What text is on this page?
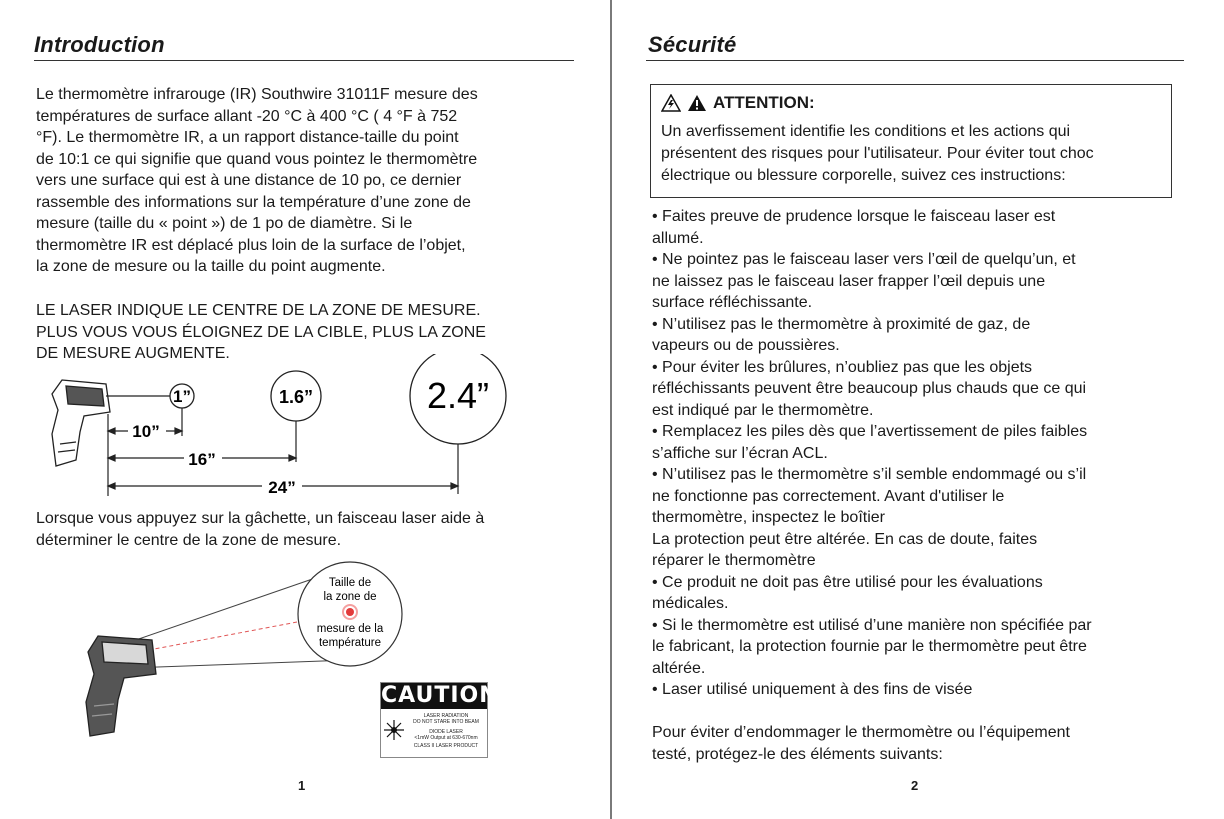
Introduction
Le thermomètre infrarouge (IR) Southwire 31011F mesure des
températures de surface allant -20 °C à 400 °C ( 4 °F à 752
°F). Le thermomètre IR, a un rapport distance-taille du point
de 10:1 ce qui signifie que quand vous pointez le thermomètre
vers une surface qui est à une distance de 10 po, ce dernier
rassemble des informations sur la température d’une zone de
mesure (taille du « point ») de 1 po de diamètre. Si le
thermomètre IR est déplacé plus loin de la surface de l’objet,
la zone de mesure ou la taille du point augmente.
LE LASER INDIQUE LE CENTRE DE LA ZONE DE MESURE.
PLUS VOUS VOUS ÉLOIGNEZ DE LA CIBLE, PLUS LA ZONE
DE MESURE AUGMENTE.
1”	1.6”	2.4”
10”
16”
24”
Lorsque vous appuyez sur la gâchette, un faisceau laser aide à
déterminer le centre de la zone de mesure.
Taille de
la zone de
mesure de la
température
CAUTION
LASER RADIATION
DO NOT STARE INTO BEAM
DIODE LASER
<1mW Output at 630-670nm
CLASS II LASER PRODUCT
1
Sécurité
ATTENTION:
Un averfissement identifie les conditions et les actions qui
présentent des risques pour l'utilisateur. Pour éviter tout choc
électrique ou blessure corporelle, suivez ces instructions:
• Faites preuve de prudence lorsque le faisceau laser est
allumé.
• Ne pointez pas le faisceau laser vers l’œil de quelqu’un, et
ne laissez pas le faisceau laser frapper l’œil depuis une
surface réfléchissante.
• N’utilisez pas le thermomètre à proximité de gaz, de
vapeurs ou de poussières.
• Pour éviter les brûlures, n’oubliez pas que les objets
réfléchissants peuvent être beaucoup plus chauds que ce qui
est indiqué par le thermomètre.
• Remplacez les piles dès que l’avertissement de piles faibles
s’affiche sur l’écran ACL.
• N’utilisez pas le thermomètre s’il semble endommagé ou s’il
ne fonctionne pas correctement. Avant d'utiliser le
thermomètre, inspectez le boîtier
La protection peut être altérée. En cas de doute, faites
réparer le thermomètre
• Ce produit ne doit pas être utilisé pour les évaluations
médicales.
• Si le thermomètre est utilisé d’une manière non spécifiée par
le fabricant, la protection fournie par le thermomètre peut être
altérée.
• Laser utilisé uniquement à des fins de visée
Pour éviter d’endommager le thermomètre ou l’équipement
testé, protégez-le des éléments suivants:
2
